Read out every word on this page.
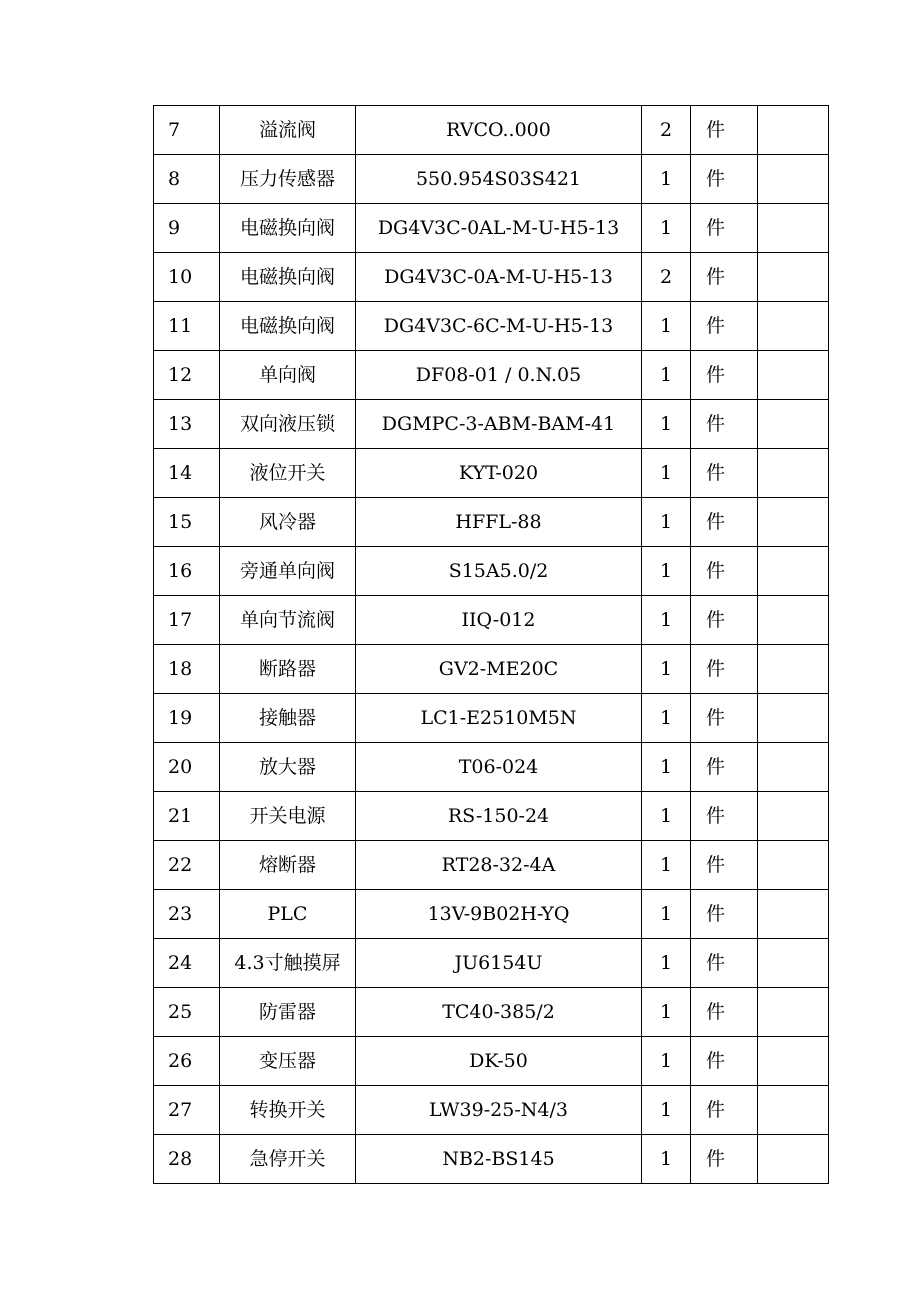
7	溢流阀	RVCO..000	2	件	
8	压力传感器	550.954S03S421	1	件	
9	电磁换向阀	DG4V3C-0AL-M-U-H5-13	1	件	
10	电磁换向阀	DG4V3C-0A-M-U-H5-13	2	件	
11	电磁换向阀	DG4V3C-6C-M-U-H5-13	1	件	
12	单向阀	DF08-01 / 0.N.05	1	件	
13	双向液压锁	DGMPC-3-ABM-BAM-41	1	件	
14	液位开关	KYT-020	1	件	
15	风冷器	HFFL-88	1	件	
16	旁通单向阀	S15A5.0/2	1	件	
17	单向节流阀	IIQ-012	1	件	
18	断路器	GV2-ME20C	1	件	
19	接触器	LC1-E2510M5N	1	件	
20	放大器	T06-024	1	件	
21	开关电源	RS-150-24	1	件	
22	熔断器	RT28-32-4A	1	件	
23	PLC	13V-9B02H-YQ	1	件	
24	4.3寸触摸屏	JU6154U	1	件	
25	防雷器	TC40-385/2	1	件	
26	变压器	DK-50	1	件	
27	转换开关	LW39-25-N4/3	1	件	
28	急停开关	NB2-BS145	1	件	
